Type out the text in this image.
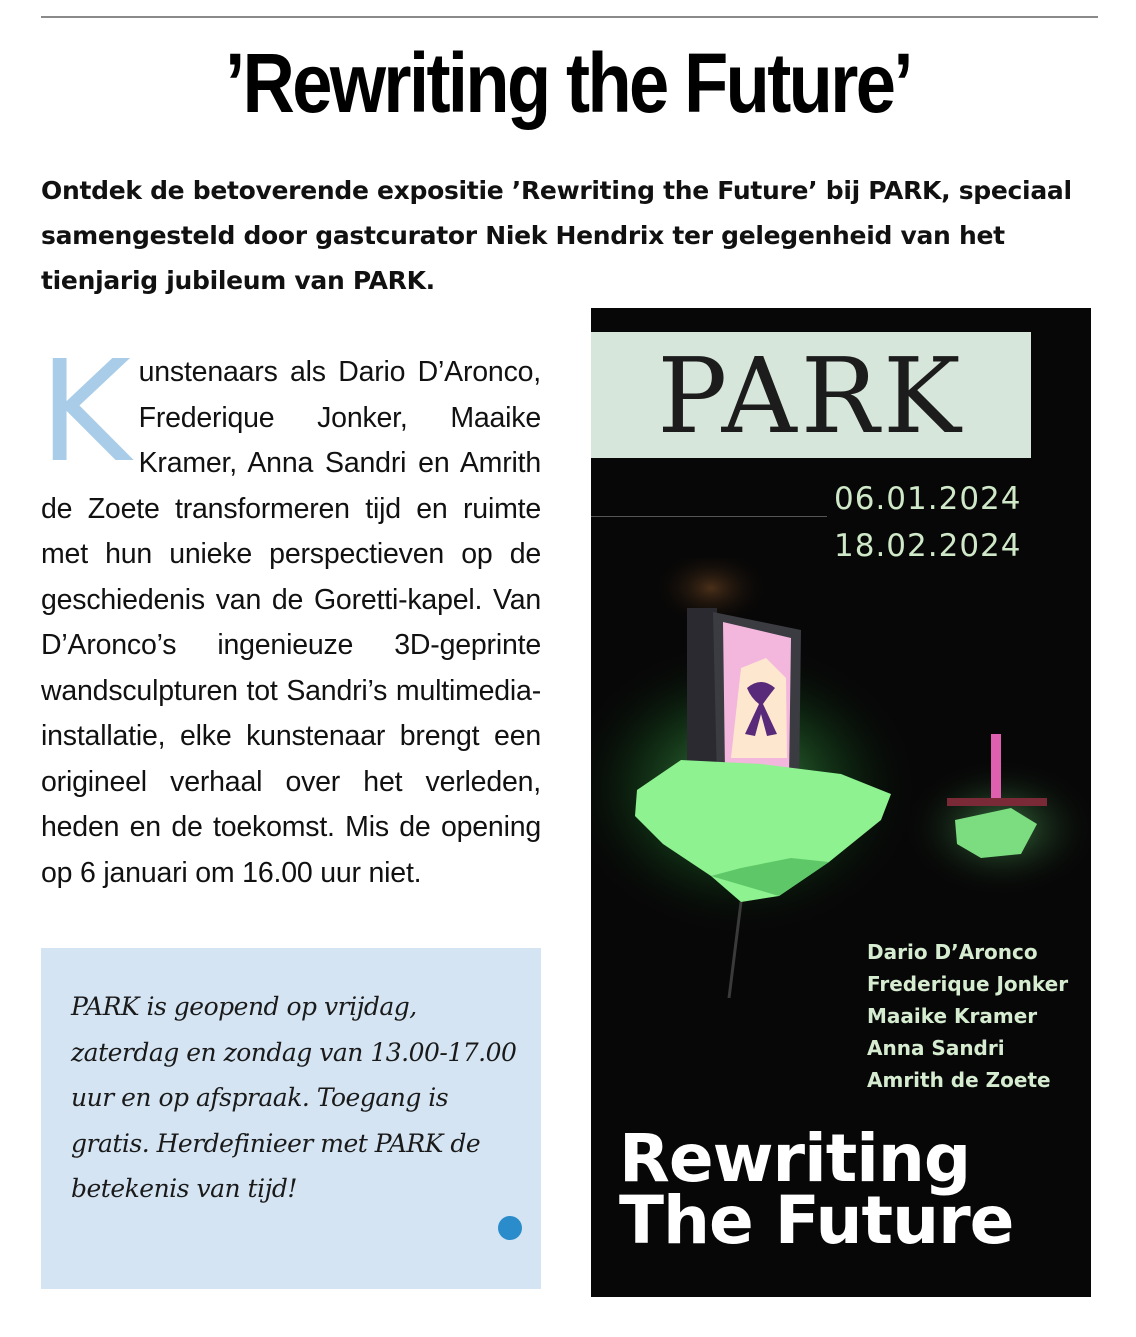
’Rewriting the Future’

Ontdek de betoverende expositie ’Rewriting the Future’ bij PARK, speciaal samengesteld door gastcurator Niek Hendrix ter gelegenheid van het tienjarig jubileum van PARK.

Kunstenaars als Dario D’Aronco, Frederique Jonker, Maaike Kramer, Anna Sandri en Amrith de Zoete transformeren tijd en ruimte met hun unieke perspectieven op de geschiedenis van de Goretti-kapel. Van D’Aronco’s ingenieuze 3D-geprinte wandsculpturen tot Sandri’s multimedia-installatie, elke kunstenaar brengt een origineel verhaal over het verleden, heden en de toekomst. Mis de opening op 6 januari om 16.00 uur niet.

PARK is geopend op vrijdag, zaterdag en zondag van 13.00-17.00 uur en op afspraak. Toegang is gratis. Herdefinieer met PARK de betekenis van tijd!

PARK
06.01.2024
18.02.2024
Dario D’Aronco
Frederique Jonker
Maaike Kramer
Anna Sandri
Amrith de Zoete
Rewriting
The Future
